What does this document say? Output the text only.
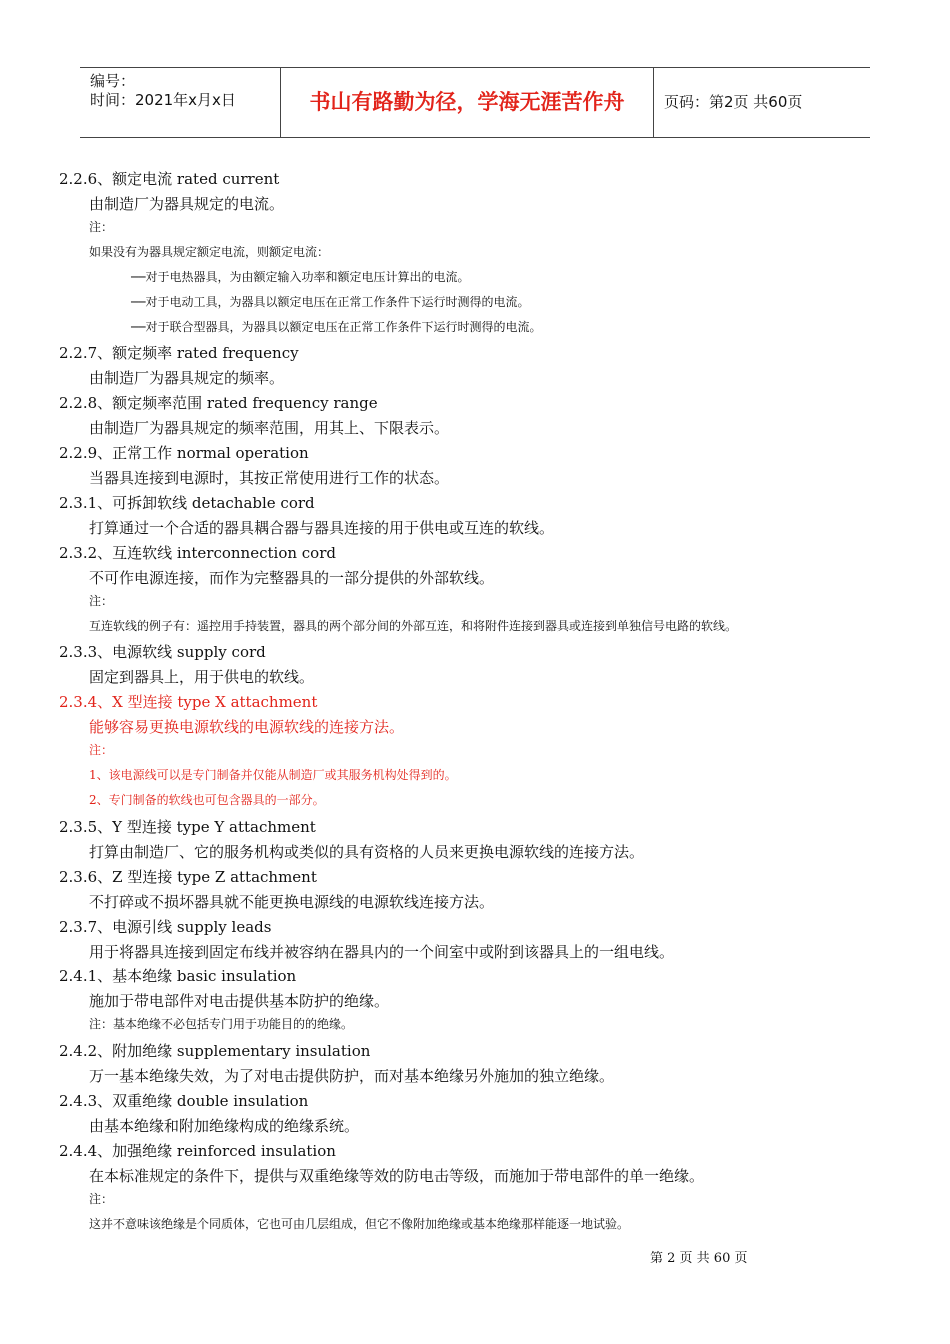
编号：
时间：2021年x月x日	书山有路勤为径，学海无涯苦作舟	页码：第2页 共60页
2.2.6、额定电流 rated current
由制造厂为器具规定的电流。
注：
如果没有为器具规定额定电流，则额定电流：
──对于电热器具，为由额定输入功率和额定电压计算出的电流。
──对于电动工具，为器具以额定电压在正常工作条件下运行时测得的电流。
──对于联合型器具，为器具以额定电压在正常工作条件下运行时测得的电流。
2.2.7、额定频率 rated frequency
由制造厂为器具规定的频率。
2.2.8、额定频率范围 rated frequency range
由制造厂为器具规定的频率范围，用其上、下限表示。
2.2.9、正常工作 normal operation
当器具连接到电源时，其按正常使用进行工作的状态。
2.3.1、可拆卸软线 detachable cord
打算通过一个合适的器具耦合器与器具连接的用于供电或互连的软线。
2.3.2、互连软线 interconnection cord
不可作电源连接，而作为完整器具的一部分提供的外部软线。
注：
互连软线的例子有：遥控用手持装置，器具的两个部分间的外部互连，和将附件连接到器具或连接到单独信号电路的软线。
2.3.3、电源软线 supply cord
固定到器具上，用于供电的软线。
2.3.4、X 型连接 type X attachment
能够容易更换电源软线的电源软线的连接方法。
注：
1、该电源线可以是专门制备并仅能从制造厂或其服务机构处得到的。
2、专门制备的软线也可包含器具的一部分。
2.3.5、Y 型连接 type Y attachment
打算由制造厂、它的服务机构或类似的具有资格的人员来更换电源软线的连接方法。
2.3.6、Z 型连接 type Z attachment
不打碎或不损坏器具就不能更换电源线的电源软线连接方法。
2.3.7、电源引线 supply leads
用于将器具连接到固定布线并被容纳在器具内的一个间室中或附到该器具上的一组电线。
2.4.1、基本绝缘 basic insulation
施加于带电部件对电击提供基本防护的绝缘。
注：基本绝缘不必包括专门用于功能目的的绝缘。
2.4.2、附加绝缘 supplementary insulation
万一基本绝缘失效，为了对电击提供防护，而对基本绝缘另外施加的独立绝缘。
2.4.3、双重绝缘 double insulation
由基本绝缘和附加绝缘构成的绝缘系统。
2.4.4、加强绝缘 reinforced insulation
在本标准规定的条件下，提供与双重绝缘等效的防电击等级，而施加于带电部件的单一绝缘。
注：
这并不意味该绝缘是个同质体，它也可由几层组成，但它不像附加绝缘或基本绝缘那样能逐一地试验。
第 2 页 共 60 页
